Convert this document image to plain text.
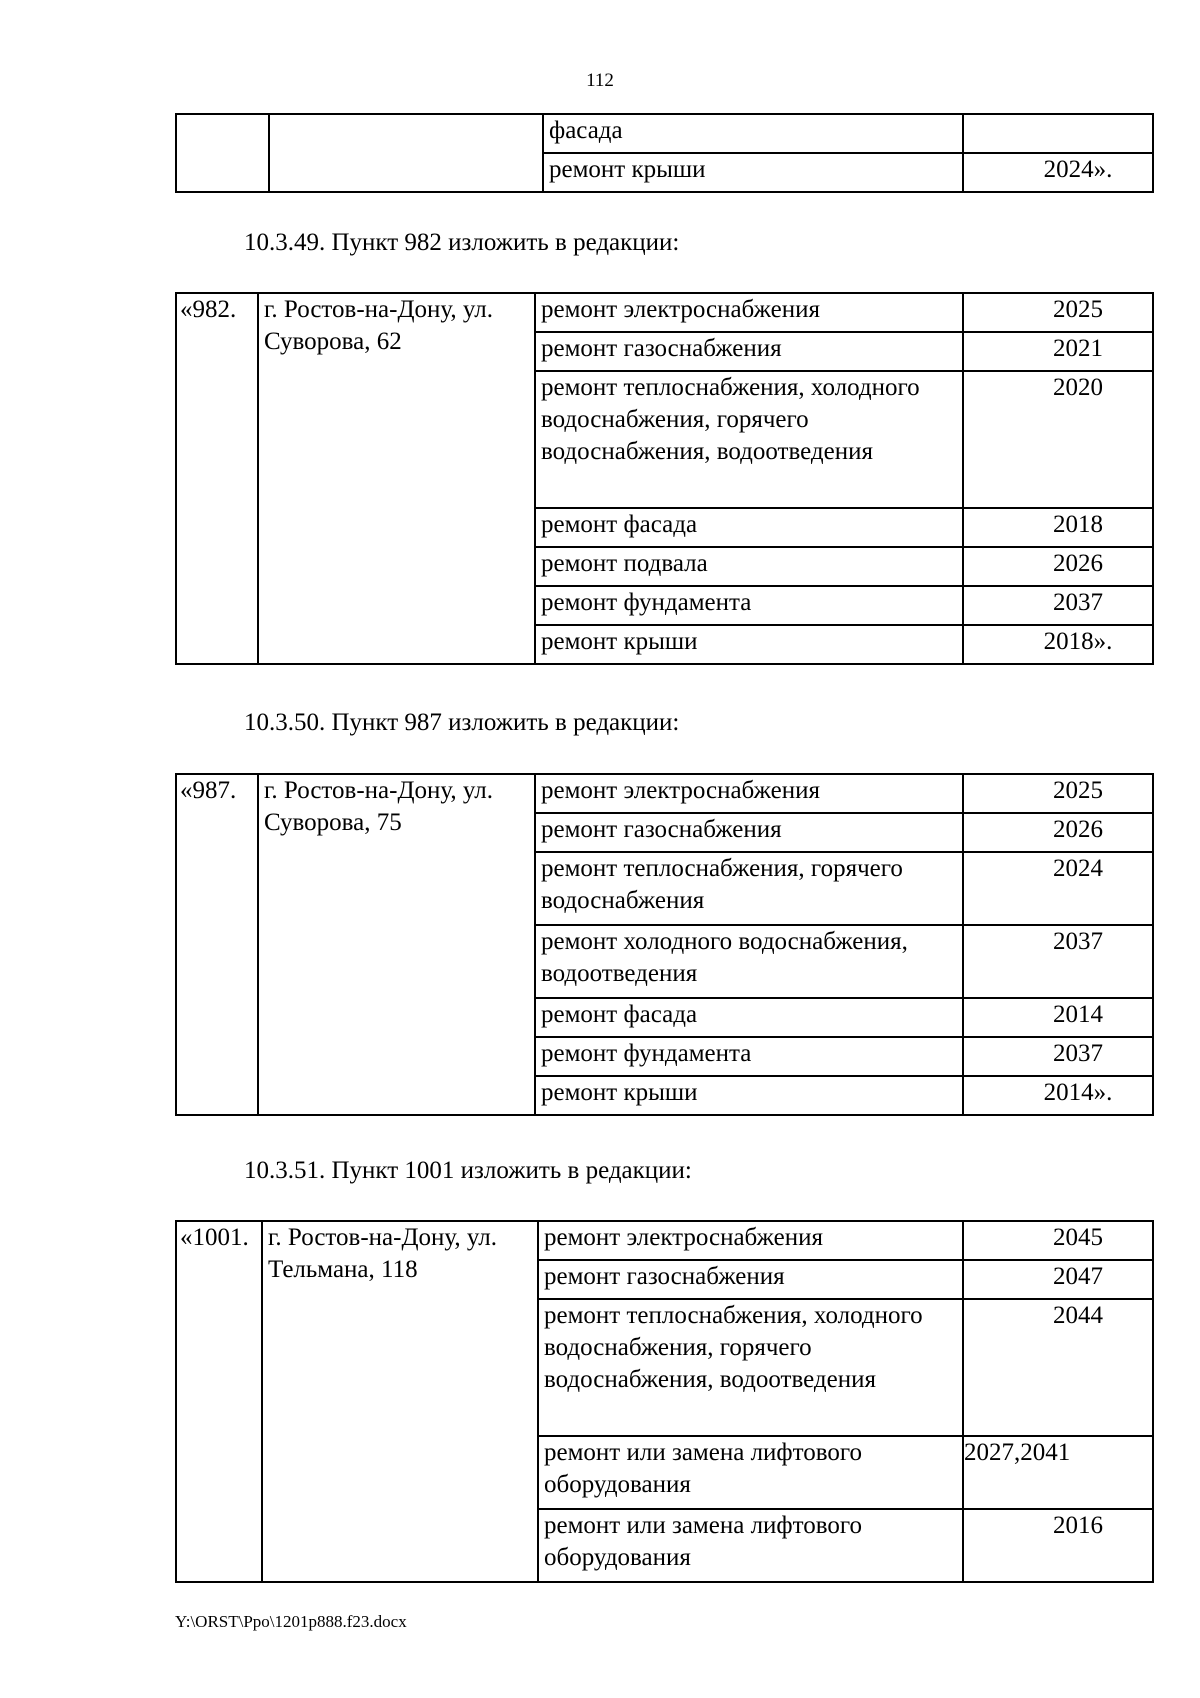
112
		фасада	
		ремонт крыши	2024».
10.3.49. Пункт 982 изложить в редакции:
«982.	г. Ростов-на-Дону, ул. Суворова, 62	ремонт электроснабжения	2025
		ремонт газоснабжения	2021
		ремонт теплоснабжения, холодного водоснабжения, горячего водоснабжения, водоотведения	2020
		ремонт фасада	2018
		ремонт подвала	2026
		ремонт фундамента	2037
		ремонт крыши	2018».
10.3.50. Пункт 987 изложить в редакции:
«987.	г. Ростов-на-Дону, ул. Суворова, 75	ремонт электроснабжения	2025
		ремонт газоснабжения	2026
		ремонт теплоснабжения, горячего водоснабжения	2024
		ремонт холодного водоснабжения, водоотведения	2037
		ремонт фасада	2014
		ремонт фундамента	2037
		ремонт крыши	2014».
10.3.51. Пункт 1001 изложить в редакции:
«1001.	г. Ростов-на-Дону, ул. Тельмана, 118	ремонт электроснабжения	2045
		ремонт газоснабжения	2047
		ремонт теплоснабжения, холодного водоснабжения, горячего водоснабжения, водоотведения	2044
		ремонт или замена лифтового оборудования	2027,2041
		ремонт или замена лифтового оборудования	2016
Y:\ORST\Ppo\1201p888.f23.docx
